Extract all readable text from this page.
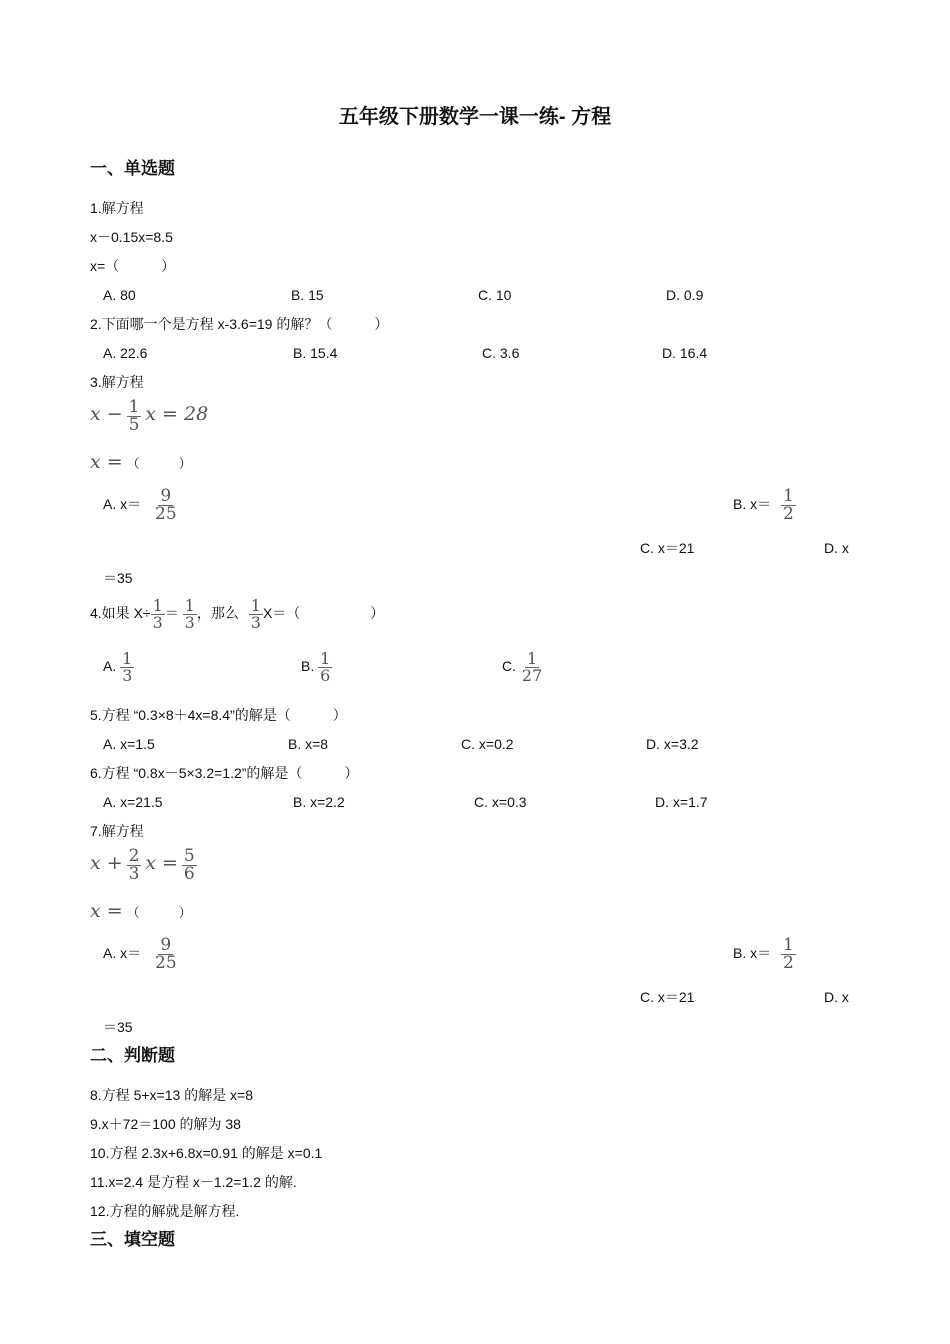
五年级下册数学一课一练- 方程
一、单选题
1.解方程
x－0.15x=8.5
x=（　　　）
A. 80	B. 15	C. 10	D. 0.9
2.下面哪一个是方程 x-3.6=19 的解？（　　　）
A. 22.6	B. 15.4	C. 3.6	D. 16.4
3.解方程
$x - \frac{1}{5}$ x = 28
x = （　　　）
A. $x= \frac{9}{25}$	B. $x= \frac{1}{2}$
C. x＝21	D. x
＝35
4.如果 $X\div \frac{1}{3} = \frac{1}{3}$ ，那么 $\frac{1}{3} X=$（　　　　　）
A. $\frac{1}{3}$	B. $\frac{1}{6}$	C. $\frac{1}{27}$
5.方程 “0.3×8＋4x=8.4”的解是（　　　）
A. x=1.5	B. x=8	C. x=0.2	D. x=3.2
6.方程 “0.8x－5×3.2=1.2”的解是（　　　）
A. x=21.5	B. x=2.2	C. x=0.3	D. x=1.7
7.解方程
$x + \frac{2}{3}$ $x = \frac{5}{6}$
x = （　　　）
A. $x= \frac{9}{25}$	B. $x= \frac{1}{2}$
C. x＝21	D. x
＝35
二、判断题
8.方程 5+x=13 的解是 x=8
9.x＋72＝100 的解为 38
10.方程 2.3x+6.8x=0.91 的解是 x=0.1
11.x=2.4 是方程 x－1.2=1.2 的解.
12.方程的解就是解方程.
三、填空题
